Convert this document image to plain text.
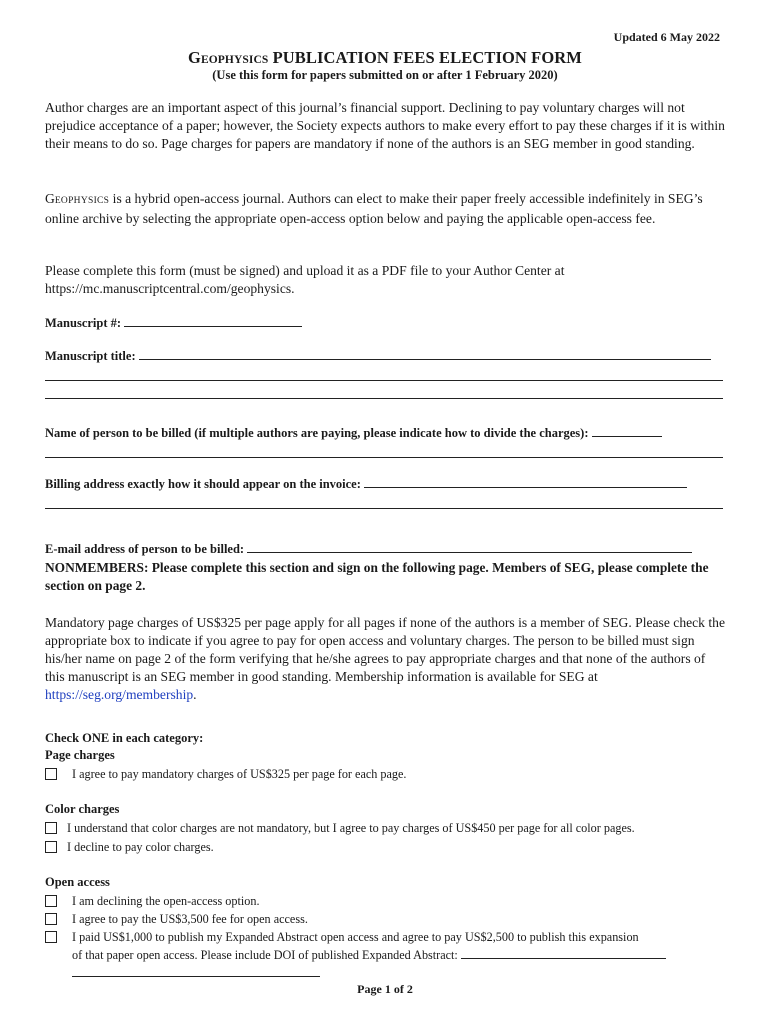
Updated 6 May 2022
GEOPHYSICS PUBLICATION FEES ELECTION FORM
(Use this form for papers submitted on or after 1 February 2020)
Author charges are an important aspect of this journal’s financial support. Declining to pay voluntary charges will not prejudice acceptance of a paper; however, the Society expects authors to make every effort to pay these charges if it is within their means to do so. Page charges for papers are mandatory if none of the authors is an SEG member in good standing.
GEOPHYSICS is a hybrid open-access journal. Authors can elect to make their paper freely accessible indefinitely in SEG’s online archive by selecting the appropriate open-access option below and paying the applicable open-access fee.
Please complete this form (must be signed) and upload it as a PDF file to your Author Center at https://mc.manuscriptcentral.com/geophysics.
Manuscript #:
Manuscript title:
Name of person to be billed (if multiple authors are paying, please indicate how to divide the charges):
Billing address exactly how it should appear on the invoice:
E-mail address of person to be billed:
NONMEMBERS: Please complete this section and sign on the following page. Members of SEG, please complete the section on page 2.
Mandatory page charges of US$325 per page apply for all pages if none of the authors is a member of SEG. Please check the appropriate box to indicate if you agree to pay for open access and voluntary charges. The person to be billed must sign his/her name on page 2 of the form verifying that he/she agrees to pay appropriate charges and that none of the authors of this manuscript is an SEG member in good standing. Membership information is available for SEG at https://seg.org/membership.
Check ONE in each category:
Page charges
I agree to pay mandatory charges of US$325 per page for each page.
Color charges
I understand that color charges are not mandatory, but I agree to pay charges of US$450 per page for all color pages.
I decline to pay color charges.
Open access
I am declining the open-access option.
I agree to pay the US$3,500 fee for open access.
I paid US$1,000 to publish my Expanded Abstract open access and agree to pay US$2,500 to publish this expansion
of that paper open access. Please include DOI of published Expanded Abstract:
Page 1 of 2
